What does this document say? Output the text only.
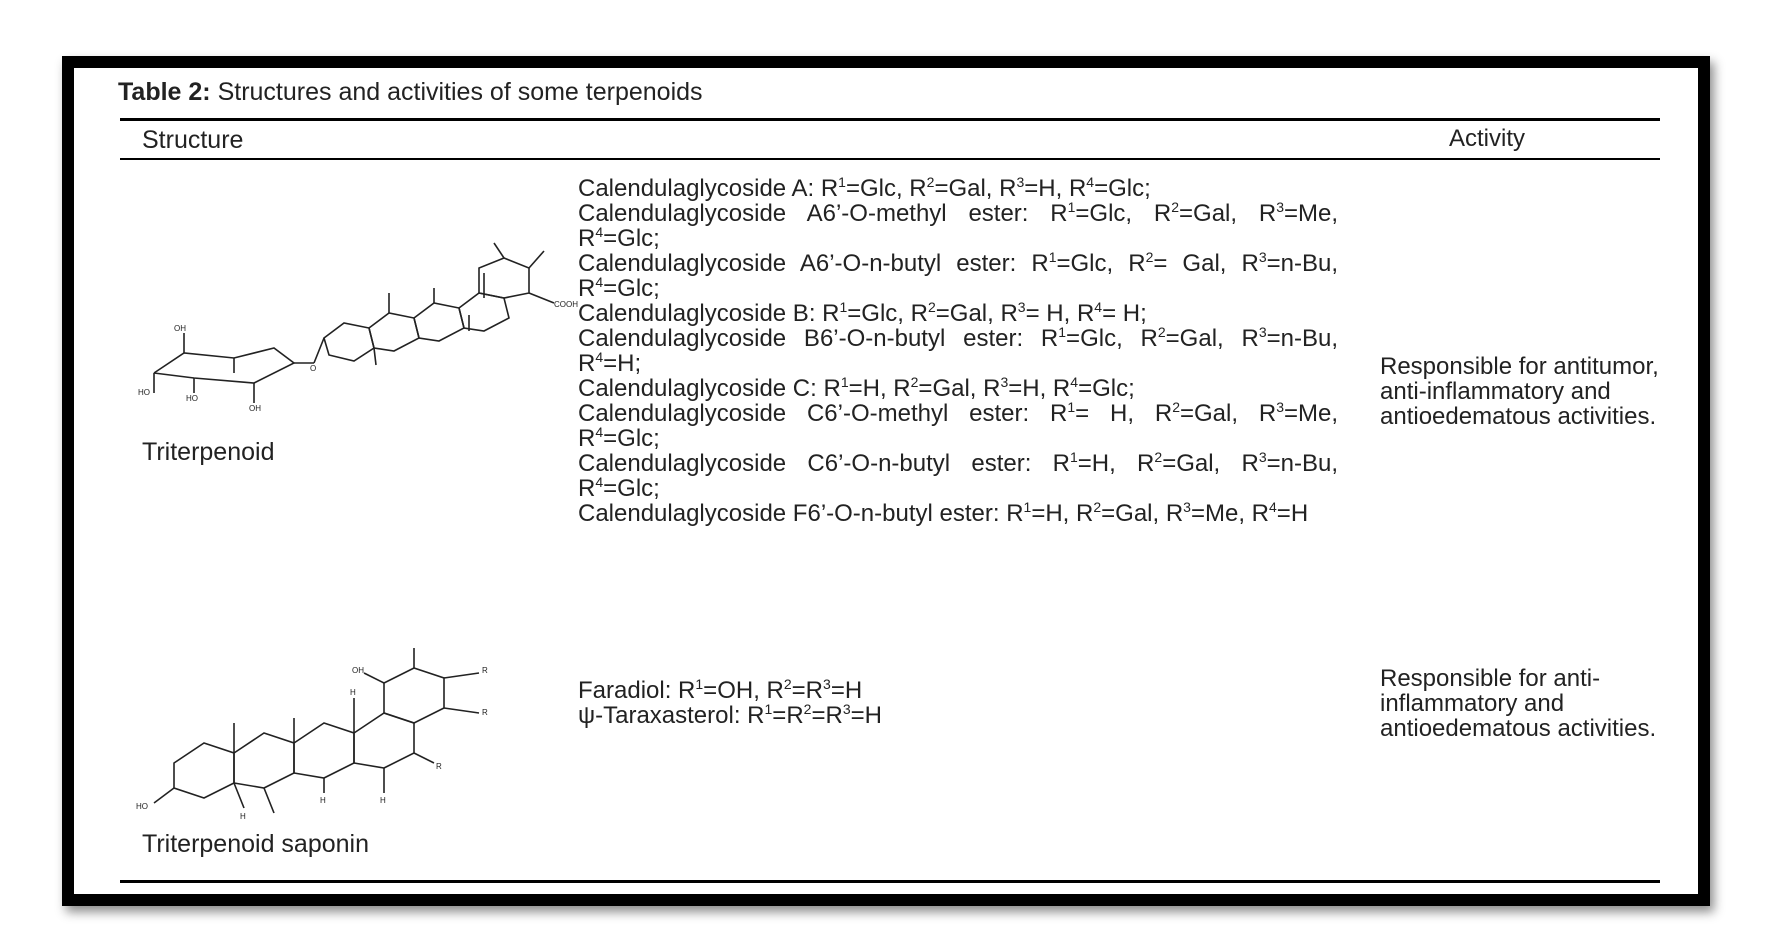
Table 2: Structures and activities of some terpenoids
Structure	Activity
OH
HO
HO
OH
O
COOH
Triterpenoid
Calendulaglycoside A: $R^1=Glc$, $R^2=Gal$, $R^3=H$, $R^4=Glc$;
Calendulaglycoside A6’-O-methyl ester: $R^1=Glc$, $R^2=Gal$, $R^3=Me$, $R^4=Glc$;
Calendulaglycoside A6’-O-n-butyl ester: $R^1=Glc$, $R^2=$ Gal, $R^3=n-Bu$, $R^4=Glc$;
Calendulaglycoside B: $R^1=Glc$, $R^2=Gal$, $R^3= H$, $R^4= H$;
Calendulaglycoside B6’-O-n-butyl ester: $R^1=Glc$, $R^2=Gal$, $R^3=n-Bu$, $R^4=H$;
Calendulaglycoside C: $R^1=H$, $R^2=Gal$, $R^3=H$, $R^4=Glc$;
Calendulaglycoside C6’-O-methyl ester: $R^1= H$, $R^2=Gal$, $R^3=Me$, $R^4=Glc$;
Calendulaglycoside C6’-O-n-butyl ester: $R^1=H$, $R^2=Gal$, $R^3=n-Bu$, $R^4=Glc$;
Calendulaglycoside F6’-O-n-butyl ester: $R^1=H$, $R^2=Gal$, $R^3=Me$, $R^4=H$
Responsible for antitumor, anti-inflammatory and antioedematous activities.
HO
H
H	H
H
R
R
R
OH
Triterpenoid saponin
Faradiol: $R^1=OH$, $R^2=R^3=H$
ψ-Taraxasterol: $R^1=R^2=R^3=H$
Responsible for anti-inflammatory and antioedematous activities.
